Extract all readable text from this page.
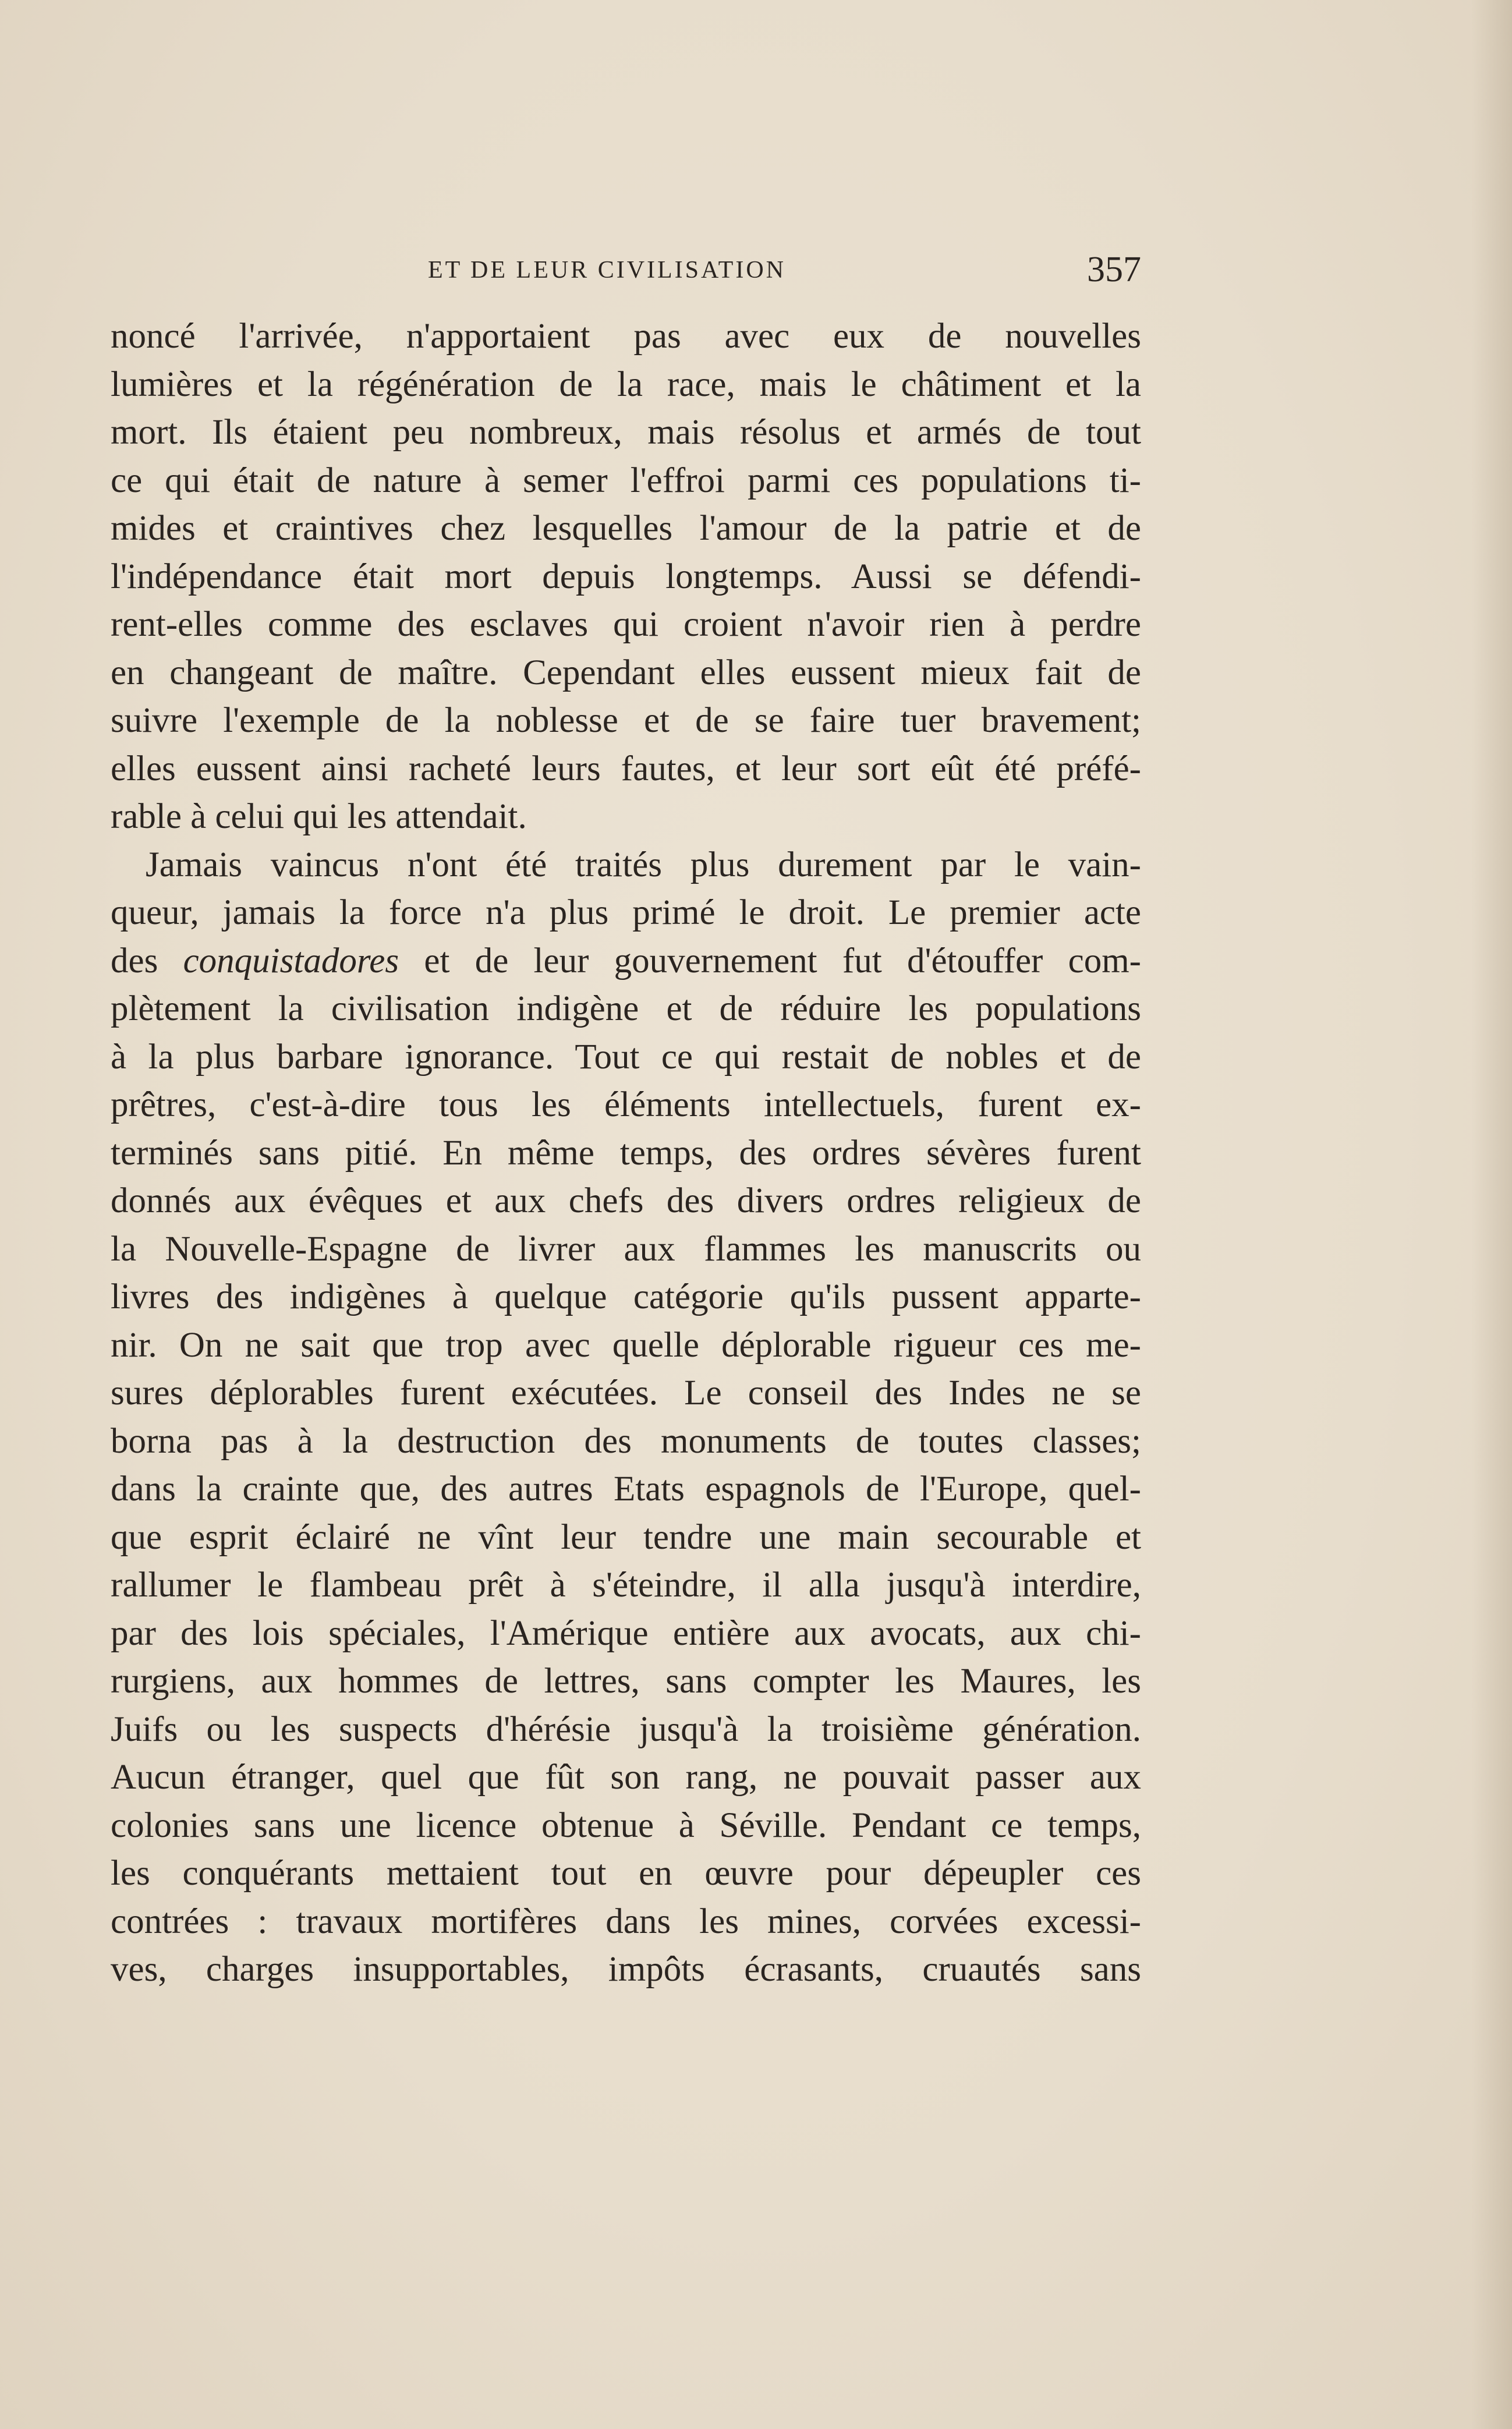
ET DE LEUR CIVILISATION	357
noncé l'arrivée, n'apportaient pas avec eux de nouvelles
lumières et la régénération de la race, mais le châtiment et la
mort. Ils étaient peu nombreux, mais résolus et armés de tout
ce qui était de nature à semer l'effroi parmi ces populations ti-
mides et craintives chez lesquelles l'amour de la patrie et de
l'indépendance était mort depuis longtemps. Aussi se défendi-
rent-elles comme des esclaves qui croient n'avoir rien à perdre
en changeant de maître. Cependant elles eussent mieux fait de
suivre l'exemple de la noblesse et de se faire tuer bravement;
elles eussent ainsi racheté leurs fautes, et leur sort eût été préfé-
rable à celui qui les attendait.
Jamais vaincus n'ont été traités plus durement par le vain-
queur, jamais la force n'a plus primé le droit. Le premier acte
des conquistadores et de leur gouvernement fut d'étouffer com-
plètement la civilisation indigène et de réduire les populations
à la plus barbare ignorance. Tout ce qui restait de nobles et de
prêtres, c'est-à-dire tous les éléments intellectuels, furent ex-
terminés sans pitié. En même temps, des ordres sévères furent
donnés aux évêques et aux chefs des divers ordres religieux de
la Nouvelle-Espagne de livrer aux flammes les manuscrits ou
livres des indigènes à quelque catégorie qu'ils pussent apparte-
nir. On ne sait que trop avec quelle déplorable rigueur ces me-
sures déplorables furent exécutées. Le conseil des Indes ne se
borna pas à la destruction des monuments de toutes classes;
dans la crainte que, des autres Etats espagnols de l'Europe, quel-
que esprit éclairé ne vînt leur tendre une main secourable et
rallumer le flambeau prêt à s'éteindre, il alla jusqu'à interdire,
par des lois spéciales, l'Amérique entière aux avocats, aux chi-
rurgiens, aux hommes de lettres, sans compter les Maures, les
Juifs ou les suspects d'hérésie jusqu'à la troisième génération.
Aucun étranger, quel que fût son rang, ne pouvait passer aux
colonies sans une licence obtenue à Séville. Pendant ce temps,
les conquérants mettaient tout en œuvre pour dépeupler ces
contrées : travaux mortifères dans les mines, corvées excessi-
ves, charges insupportables, impôts écrasants, cruautés sans
